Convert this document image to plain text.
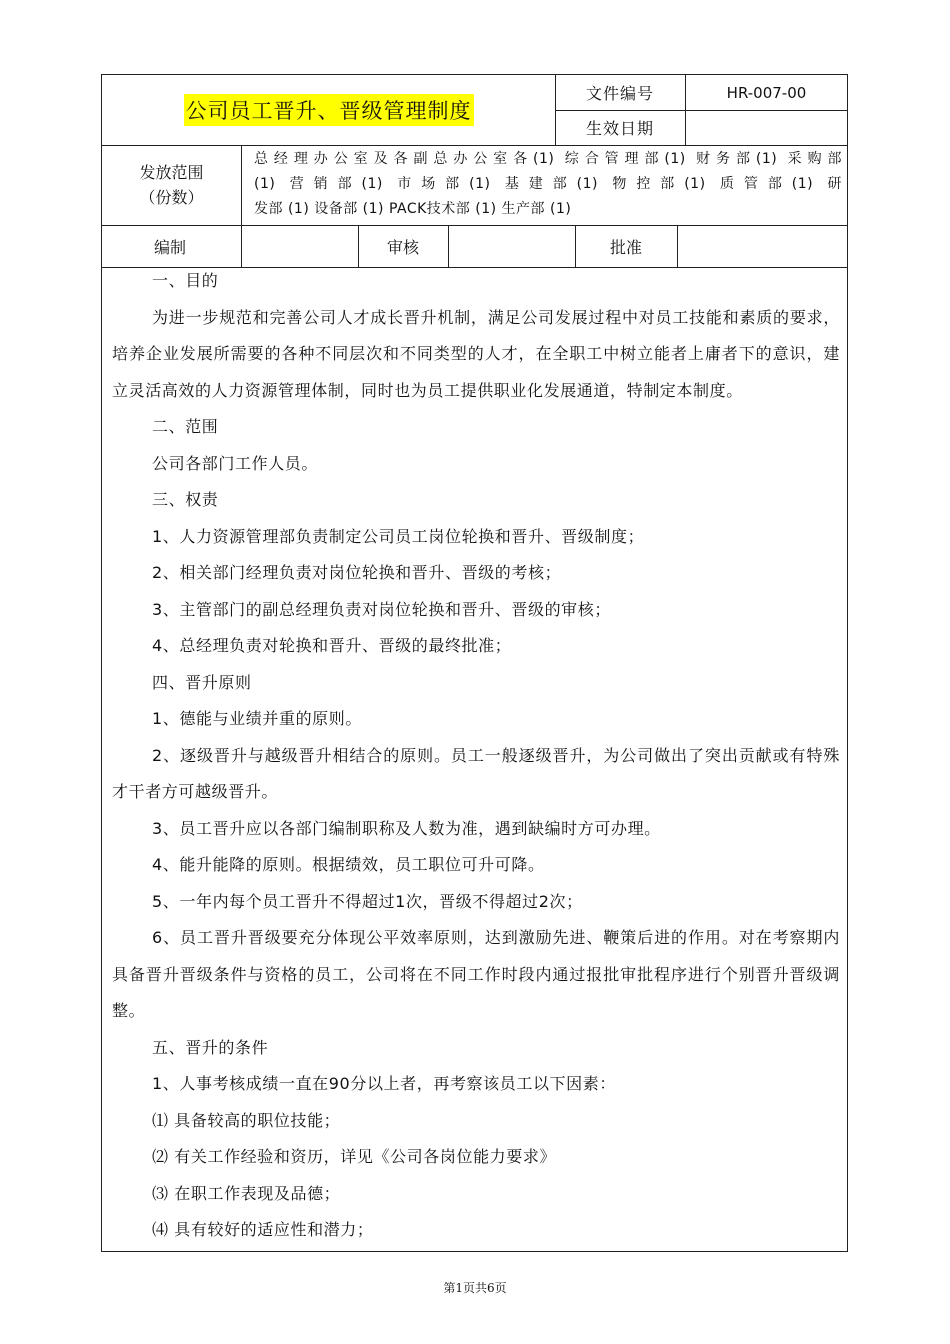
公司员工晋升、晋级管理制度
文件编号	HR-007-00
生效日期
发放范围
（份数）
总经理办公室及各副总办公室各(1) 综合管理部(1) 财务部(1) 采购部
(1) 营销部(1) 市场部(1) 基建部(1) 物控部(1) 质管部(1) 研
发部 (1) 设备部 (1) PACK技术部 (1) 生产部 (1)
编制	审核	批准

一、目的

为进一步规范和完善公司人才成长晋升机制，满足公司发展过程中对员工技能和素质的要求，培养企业发展所需要的各种不同层次和不同类型的人才，在全职工中树立能者上庸者下的意识，建立灵活高效的人力资源管理体制，同时也为员工提供职业化发展通道，特制定本制度。

二、范围

公司各部门工作人员。

三、权责

1、人力资源管理部负责制定公司员工岗位轮换和晋升、晋级制度；

2、相关部门经理负责对岗位轮换和晋升、晋级的考核；

3、主管部门的副总经理负责对岗位轮换和晋升、晋级的审核；

4、总经理负责对轮换和晋升、晋级的最终批准；

四、晋升原则

1、德能与业绩并重的原则。

2、逐级晋升与越级晋升相结合的原则。员工一般逐级晋升，为公司做出了突出贡献或有特殊才干者方可越级晋升。

3、员工晋升应以各部门编制职称及人数为准，遇到缺编时方可办理。

4、能升能降的原则。根据绩效，员工职位可升可降。

5、一年内每个员工晋升不得超过1次，晋级不得超过2次；

6、员工晋升晋级要充分体现公平效率原则，达到激励先进、鞭策后进的作用。对在考察期内具备晋升晋级条件与资格的员工，公司将在不同工作时段内通过报批审批程序进行个别晋升晋级调整。

五、晋升的条件

1、人事考核成绩一直在90分以上者，再考察该员工以下因素：

⑴ 具备较高的职位技能；

⑵ 有关工作经验和资历，详见《公司各岗位能力要求》

⑶ 在职工作表现及品德；

⑷ 具有较好的适应性和潜力；

第1页共6页
